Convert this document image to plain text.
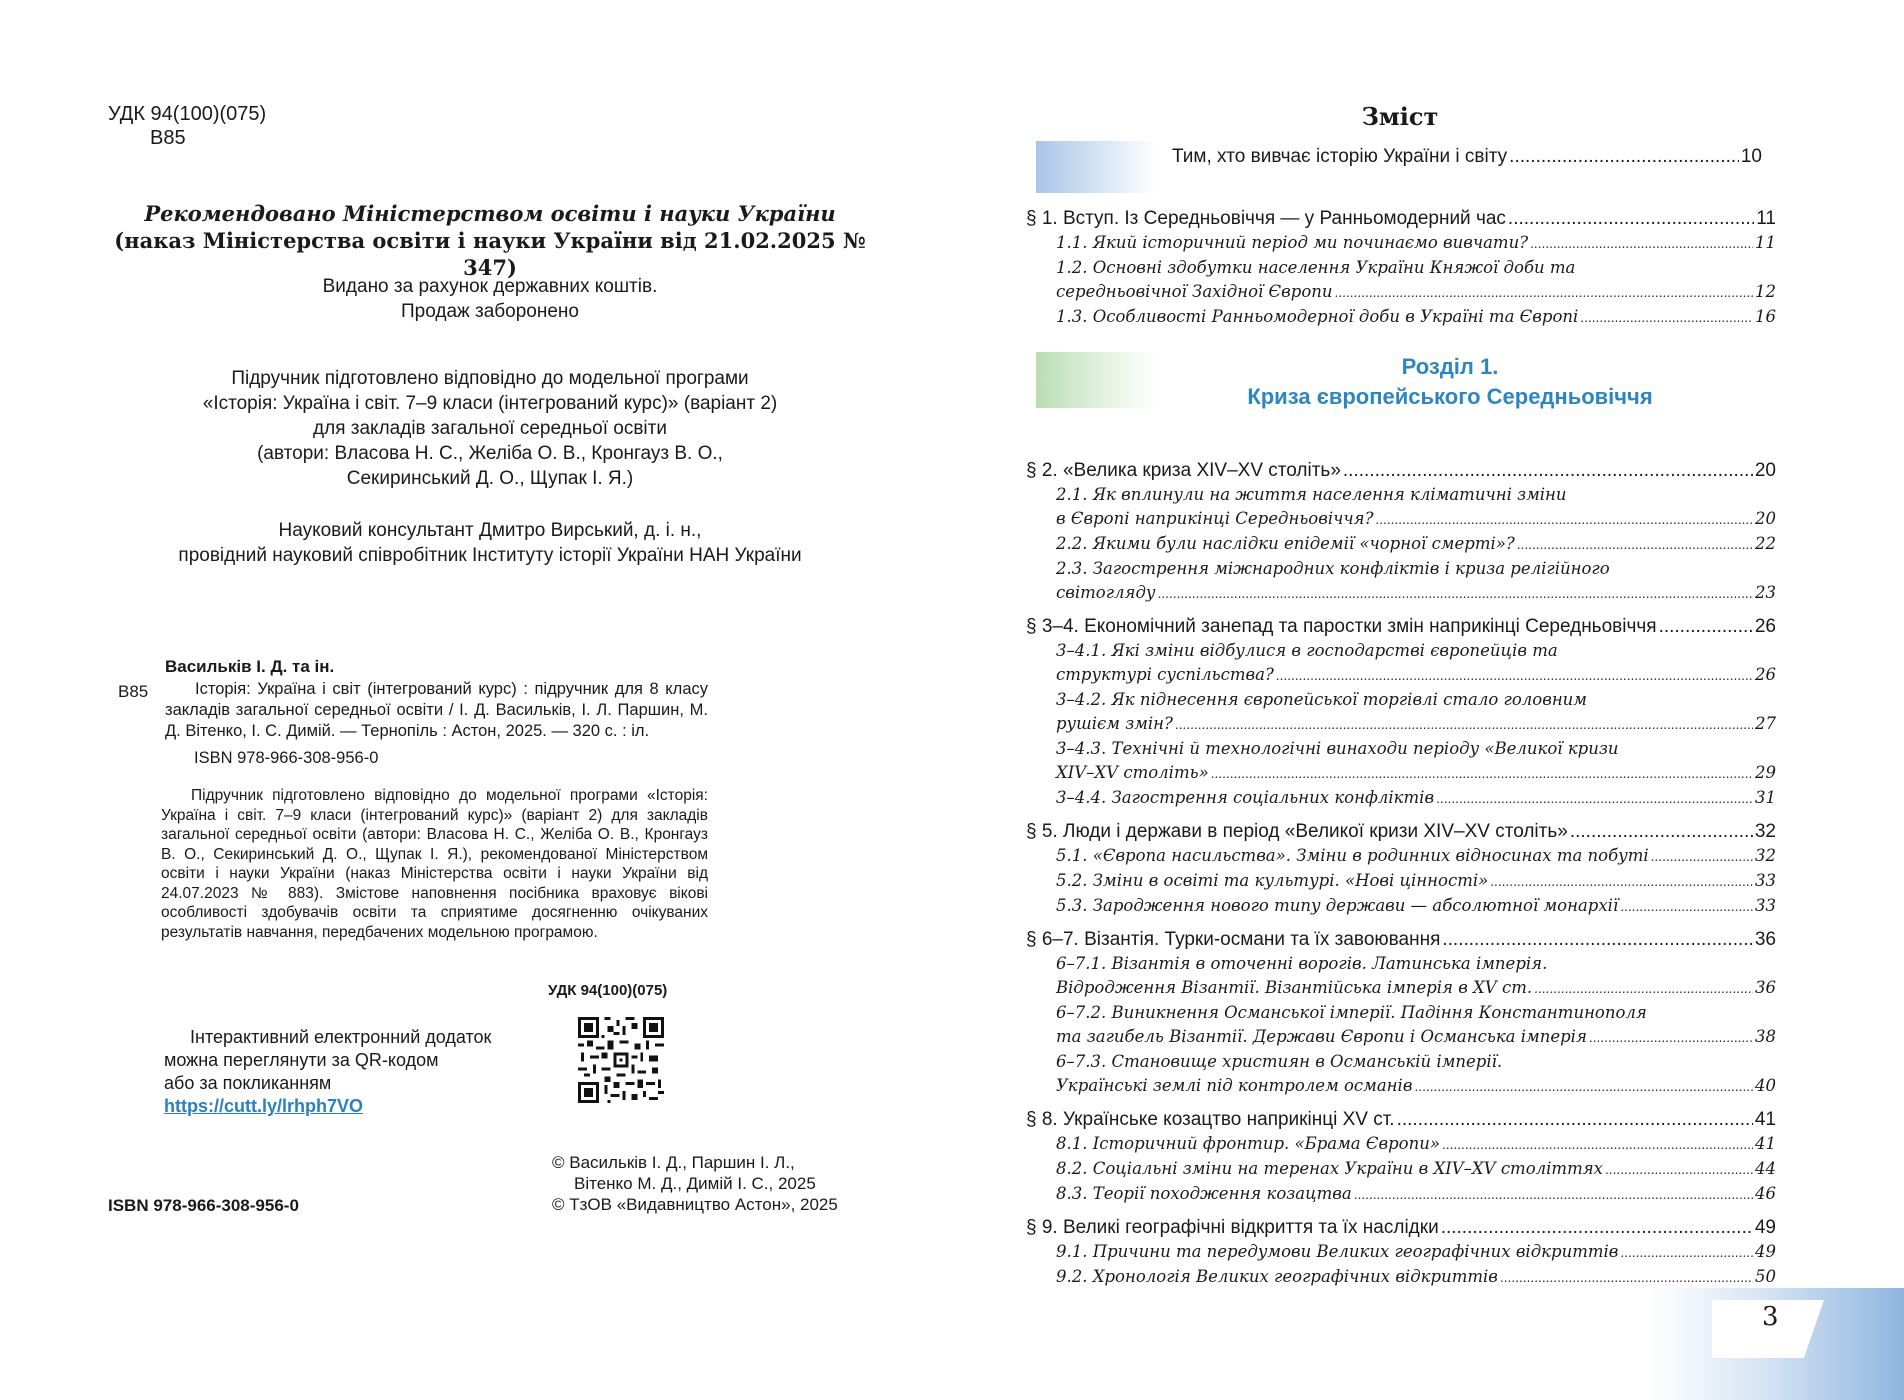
УДК 94(100)(075)
В85
Рекомендовано Міністерством освіти і науки України
(наказ Міністерства освіти і науки України від 21.02.2025 № 347)
Видано за рахунок державних коштів.
Продаж заборонено
Підручник підготовлено відповідно до модельної програми
«Історія: Україна і світ. 7–9 класи (інтегрований курс)» (варіант 2)
для закладів загальної середньої освіти
(автори: Власова Н. С., Желіба О. В., Кронгауз В. О.,
Секиринський Д. О., Щупак І. Я.)
Науковий консультант Дмитро Вирський, д. і. н.,
провідний науковий співробітник Інституту історії України НАН України
Васильків І. Д. та ін.
В85	Історія: Україна і світ (інтегрований курс) : підручник для 8 класу закладів загальної середньої освіти / І. Д. Васильків, І. Л. Паршин, М. Д. Вітенко, І. С. Димій. — Тернопіль : Астон, 2025. — 320 с. : іл.
ISBN 978-966-308-956-0
Підручник підготовлено відповідно до модельної програми «Історія: Україна і світ. 7–9 класи (інтегрований курс)» (варіант 2) для закладів загальної середньої освіти (автори: Власова Н. С., Желіба О. В., Кронгауз В. О., Секиринський Д. О., Щупак І. Я.), рекомендованої Міністерством освіти і науки України (наказ Міністерства освіти і науки України від 24.07.2023 № 883). Змістове наповнення посібника враховує вікові особливості здобувачів освіти та сприятиме досягненню очікуваних результатів навчання, передбачених модельною програмою.
УДК 94(100)(075)
Інтерактивний електронний додаток
можна переглянути за QR-кодом
або за покликанням https://cutt.ly/lrhph7VO
© Васильків І. Д., Паршин І. Л.,
Вітенко М. Д., Димій І. С., 2025
© ТзОВ «Видавництво Астон», 2025
ISBN 978-966-308-956-0
Зміст
Тим, хто вивчає історію України і світу .....	10
§ 1. Вступ. Із Середньовіччя — у Ранньомодерний час .....	11
1.1. Який історичний період ми починаємо вивчати? .....	11
1.2. Основні здобутки населення України Княжої доби та
середньовічної Західної Європи .....	12
1.3. Особливості Ранньомодерної доби в Україні та Європі .....	16
§ 2. «Велика криза XIV–XV століть» .....	20
2.1. Як вплинули на життя населення кліматичні зміни
в Європі наприкінці Середньовіччя? .....	20
2.2. Якими були наслідки епідемії «чорної смерті»? .....	22
2.3. Загострення міжнародних конфліктів і криза релігійного
світогляду .....	23
§ 3–4. Економічний занепад та паростки змін наприкінці Середньовіччя .....	26
3–4.1. Які зміни відбулися в господарстві європейців та
структурі суспільства? .....	26
3–4.2. Як піднесення європейської торгівлі стало головним
рушієм змін? .....	27
3–4.3. Технічні й технологічні винаходи періоду «Великої кризи
XIV–XV століть» .....	29
3–4.4. Загострення соціальних конфліктів .....	31
§ 5. Люди і держави в період «Великої кризи XIV–XV століть» .....	32
5.1. «Європа насильства». Зміни в родинних відносинах та побуті .....	32
5.2. Зміни в освіті та культурі. «Нові цінності» .....	33
5.3. Зародження нового типу держави — абсолютної монархії .....	33
§ 6–7. Візантія. Турки-османи та їх завоювання .....	36
6–7.1. Візантія в оточенні ворогів. Латинська імперія.
Відродження Візантії. Візантійська імперія в XV ст. .....	36
6–7.2. Виникнення Османської імперії. Падіння Константинополя
та загибель Візантії. Держави Європи і Османська імперія .....	38
6–7.3. Становище християн в Османській імперії.
Українські землі під контролем османів .....	40
§ 8. Українське козацтво наприкінці XV ст. .....	41
8.1. Історичний фронтир. «Брама Європи» .....	41
8.2. Соціальні зміни на теренах України в XIV–XV століттях .....	44
8.3. Теорії походження козацтва .....	46
§ 9. Великі географічні відкриття та їх наслідки .....	49
9.1. Причини та передумови Великих географічних відкриттів .....	49
9.2. Хронологія Великих географічних відкриттів .....	50
Розділ 1.
Криза європейського Середньовіччя
3
